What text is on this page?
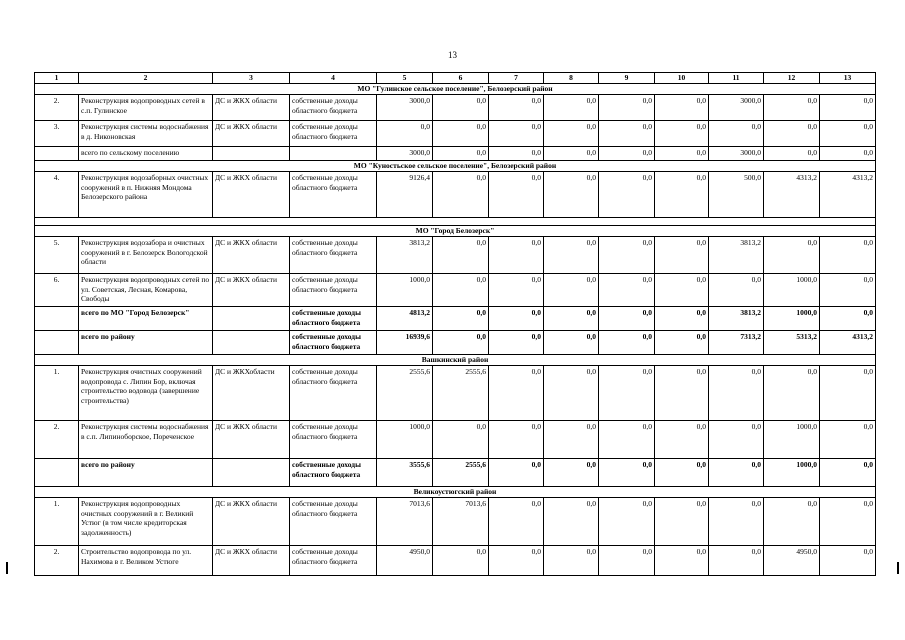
13
1	2	3	4	5	6	7	8	9	10	11	12	13
МО "Гулинское сельское поселение", Белозерский район												
2.	Реконструкция водопроводных сетей в с.п. Гулинское	ДС и ЖКХ области	собственные доходы областного бюджета	3000,0	0,0	0,0	0,0	0,0	0,0	3000,0	0,0	0,0
3.	Реконструкция системы водоснабжения в д. Никоновская	ДС и ЖКХ области	собственные доходы областного бюджета	0,0	0,0	0,0	0,0	0,0	0,0	0,0	0,0	0,0
	всего по сельскому поселению			3000,0	0,0	0,0	0,0	0,0	0,0	3000,0	0,0	0,0
МО "Куностьское сельское поселение", Белозерский район												
4.	Реконструкция водозаборных очистных сооружений в п. Нижняя Мондома Белозерского района	ДС и ЖКХ области	собственные доходы областного бюджета	9126,4	0,0	0,0	0,0	0,0	0,0	500,0	4313,2	4313,2

МО "Город Белозерск"												
5.	Реконструкция водозабора и очистных сооружений в г. Белозерск Вологодской области	ДС и ЖКХ области	собственные доходы областного бюджета	3813,2	0,0	0,0	0,0	0,0	0,0	3813,2	0,0	0,0
6.	Реконструкция водопроводных сетей по ул. Советская, Лесная, Комарова, Свободы	ДС и ЖКХ области	собственные доходы областного бюджета	1000,0	0,0	0,0	0,0	0,0	0,0	0,0	1000,0	0,0
	всего по МО "Город Белозерск"		собственные доходы областного бюджета	4813,2	0,0	0,0	0,0	0,0	0,0	3813,2	1000,0	0,0
	всего по району		собственные доходы областного бюджета	16939,6	0,0	0,0	0,0	0,0	0,0	7313,2	5313,2	4313,2
Вашкинский район												
1.	Реконструкция очистных сооружений водопровода с. Липин Бор, включая строительство водовода (завершение строительства)	ДС и ЖКХобласти	собственные доходы областного бюджета	2555,6	2555,6	0,0	0,0	0,0	0,0	0,0	0,0	0,0
2.	Реконструкция системы водоснабжения в с.п. Липиноборское, Пореченское	ДС и ЖКХ области	собственные доходы областного бюджета	1000,0	0,0	0,0	0,0	0,0	0,0	0,0	1000,0	0,0
	всего по району		собственные доходы областного бюджета	3555,6	2555,6	0,0	0,0	0,0	0,0	0,0	1000,0	0,0
Великоустюгский район												
1.	Реконструкция водопроводных очистных сооружений в г. Великий Устюг (в том числе кредиторская задолженность)	ДС и ЖКХ области	собственные доходы областного бюджета	7013,6	7013,6	0,0	0,0	0,0	0,0	0,0	0,0	0,0
2.	Строительство водопровода по ул. Нахимова в г. Великом Устюге	ДС и ЖКХ области	собственные доходы областного бюджета	4950,0	0,0	0,0	0,0	0,0	0,0	0,0	4950,0	0,0
